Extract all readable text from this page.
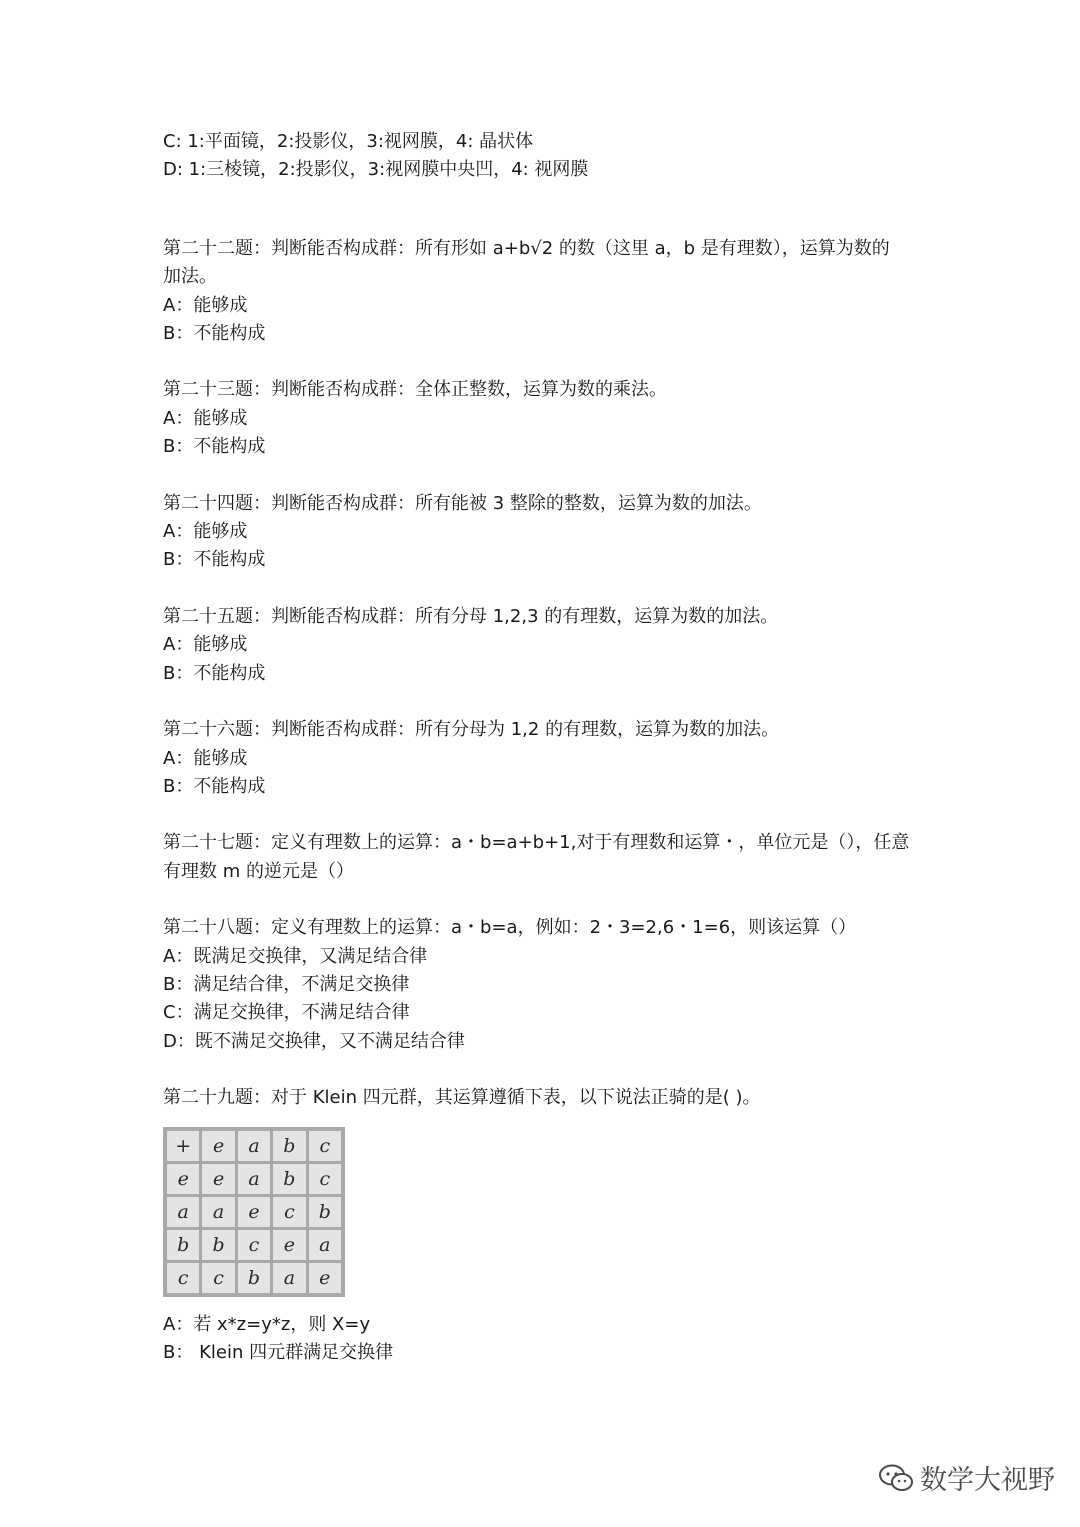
C: 1:平面镜，2:投影仪，3:视网膜，4: 晶状体
D: 1:三棱镜，2:投影仪，3:视网膜中央凹，4: 视网膜
第二十二题：判断能否构成群：所有形如 a+b√2 的数（这里 a，b 是有理数），运算为数的
加法。
A：能够成
B：不能构成
第二十三题：判断能否构成群：全体正整数，运算为数的乘法。
A：能够成
B：不能构成
第二十四题：判断能否构成群：所有能被 3 整除的整数，运算为数的加法。
A：能够成
B：不能构成
第二十五题：判断能否构成群：所有分母 1,2,3 的有理数，运算为数的加法。
A：能够成
B：不能构成
第二十六题：判断能否构成群：所有分母为 1,2 的有理数，运算为数的加法。
A：能够成
B：不能构成
第二十七题：定义有理数上的运算：a・b=a+b+1,对于有理数和运算・，单位元是（），任意
有理数 m 的逆元是（）
第二十八题：定义有理数上的运算：a・b=a，例如：2・3=2,6・1=6，则该运算（）
A：既满足交换律，又满足结合律
B：满足结合律，不满足交换律
C：满足交换律，不满足结合律
D：既不满足交换律，又不满足结合律
第二十九题：对于 Klein 四元群，其运算遵循下表，以下说法正骑的是( )。
+	e	a	b	c
e	e	a	b	c
a	a	e	c	b
b	b	c	e	a
c	c	b	a	e
A：若 x*z=y*z，则 X=y
B： Klein 四元群满足交换律
数学大视野
